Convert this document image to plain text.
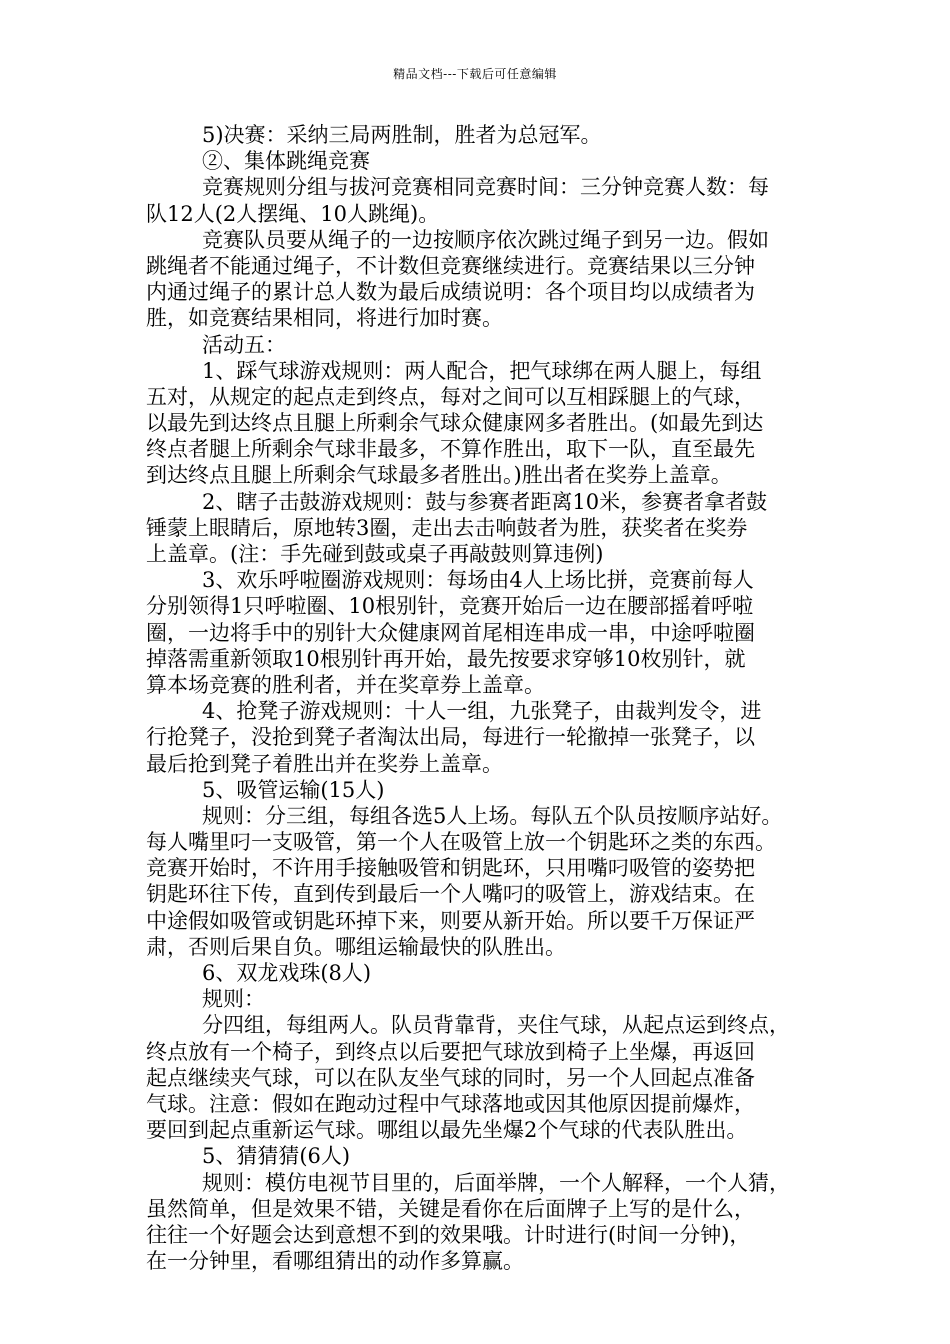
精品文档---下载后可任意编辑
5)决赛：采纳三局两胜制，胜者为总冠军。
②、集体跳绳竞赛
竞赛规则分组与拔河竞赛相同竞赛时间：三分钟竞赛人数：每
队12人(2人摆绳、10人跳绳)。
竞赛队员要从绳子的一边按顺序依次跳过绳子到另一边。假如
跳绳者不能通过绳子，不计数但竞赛继续进行。竞赛结果以三分钟
内通过绳子的累计总人数为最后成绩说明：各个项目均以成绩者为
胜，如竞赛结果相同，将进行加时赛。
活动五：
1、踩气球游戏规则：两人配合，把气球绑在两人腿上，每组
五对，从规定的起点走到终点，每对之间可以互相踩腿上的气球，
以最先到达终点且腿上所剩余气球众健康网多者胜出。(如最先到达
终点者腿上所剩余气球非最多，不算作胜出，取下一队，直至最先
到达终点且腿上所剩余气球最多者胜出。)胜出者在奖券上盖章。
2、瞎子击鼓游戏规则：鼓与参赛者距离10米，参赛者拿者鼓
锤蒙上眼睛后，原地转3圈，走出去击响鼓者为胜，获奖者在奖券
上盖章。(注：手先碰到鼓或桌子再敲鼓则算违例)
3、欢乐呼啦圈游戏规则：每场由4人上场比拼，竞赛前每人
分别领得1只呼啦圈、10根别针，竞赛开始后一边在腰部摇着呼啦
圈，一边将手中的别针大众健康网首尾相连串成一串，中途呼啦圈
掉落需重新领取10根别针再开始，最先按要求穿够10枚别针，就
算本场竞赛的胜利者，并在奖章券上盖章。
4、抢凳子游戏规则：十人一组，九张凳子，由裁判发令，进
行抢凳子，没抢到凳子者淘汰出局，每进行一轮撤掉一张凳子，以
最后抢到凳子着胜出并在奖券上盖章。
5、吸管运输(15人)
规则：分三组，每组各选5人上场。每队五个队员按顺序站好。
每人嘴里叼一支吸管，第一个人在吸管上放一个钥匙环之类的东西。
竞赛开始时，不许用手接触吸管和钥匙环，只用嘴叼吸管的姿势把
钥匙环往下传，直到传到最后一个人嘴叼的吸管上，游戏结束。在
中途假如吸管或钥匙环掉下来，则要从新开始。所以要千万保证严
肃，否则后果自负。哪组运输最快的队胜出。
6、双龙戏珠(8人)
规则：
分四组，每组两人。队员背靠背，夹住气球，从起点运到终点，
终点放有一个椅子，到终点以后要把气球放到椅子上坐爆，再返回
起点继续夹气球，可以在队友坐气球的同时，另一个人回起点准备
气球。注意：假如在跑动过程中气球落地或因其他原因提前爆炸，
要回到起点重新运气球。哪组以最先坐爆2个气球的代表队胜出。
5、猜猜猜(6人)
规则：模仿电视节目里的，后面举牌，一个人解释，一个人猜，
虽然简单，但是效果不错，关键是看你在后面牌子上写的是什么，
往往一个好题会达到意想不到的效果哦。计时进行(时间一分钟)，
在一分钟里，看哪组猜出的动作多算赢。
